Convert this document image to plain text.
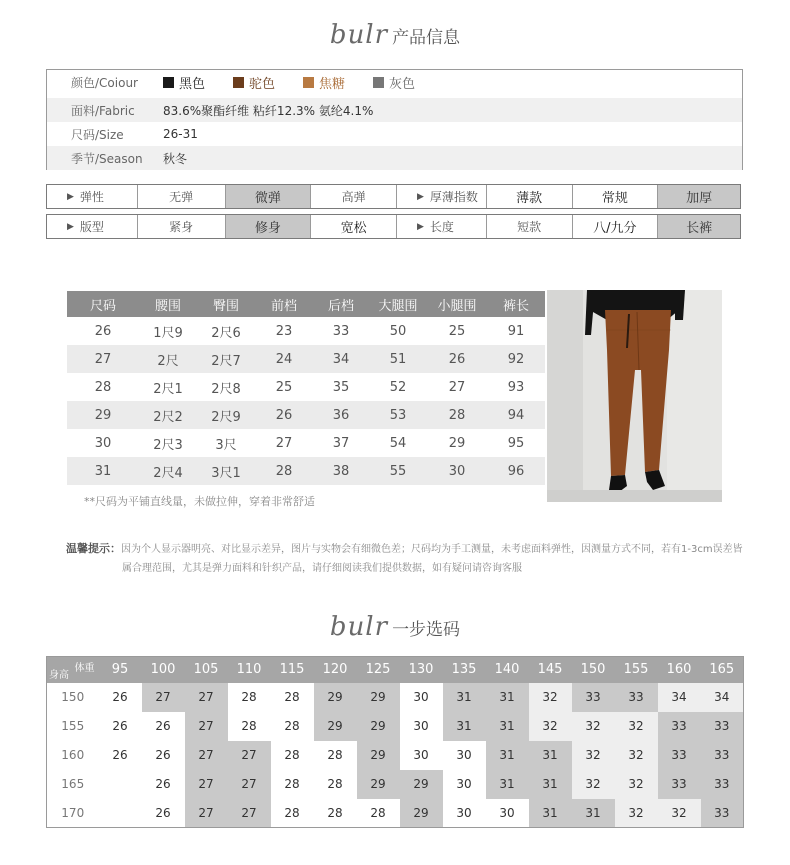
bulr 产品信息
颜色/Coiour	黑色	驼色	焦糖	灰色
面料/Fabric	83.6%聚酯纤维 粘纤12.3% 氨纶4.1%
尺码/Size	26-31
季节/Season	秋冬
▶ 弹性	无弹	微弹	高弹	▶ 厚薄指数	薄款	常规	加厚
▶ 版型	紧身	修身	宽松	▶ 长度	短款	八/九分	长裤
尺码	腰围	臀围	前档	后档	大腿围	小腿围	裤长
26	1尺9	2尺6	23	33	50	25	91
27	2尺	2尺7	24	34	51	26	92
28	2尺1	2尺8	25	35	52	27	93
29	2尺2	2尺9	26	36	53	28	94
30	2尺3	3尺	27	37	54	29	95
31	2尺4	3尺1	28	38	55	30	96
**尺码为平铺直线量，未做拉伸，穿着非常舒适
温馨提示：因为个人显示器明亮、对比显示差异，图片与实物会有细微色差；尺码均为手工测量，未考虑面料弹性，因测量方式不同，若有1-3cm误差皆
属合理范围，尤其是弹力面料和针织产品，请仔细阅读我们提供数据，如有疑问请咨询客服
bulr 一步选码
体重
身高	95	100	105	110	115	120	125	130	135	140	145	150	155	160	165
150	26	27	27	28	28	29	29	30	31	31	32	33	33	34	34
155	26	26	27	28	28	29	29	30	31	31	32	32	32	33	33
160	26	26	27	27	28	28	29	30	30	31	31	32	32	33	33
165		26	27	27	28	28	29	29	30	31	31	32	32	33	33
170		26	27	27	28	28	28	29	30	30	31	31	32	32	33
